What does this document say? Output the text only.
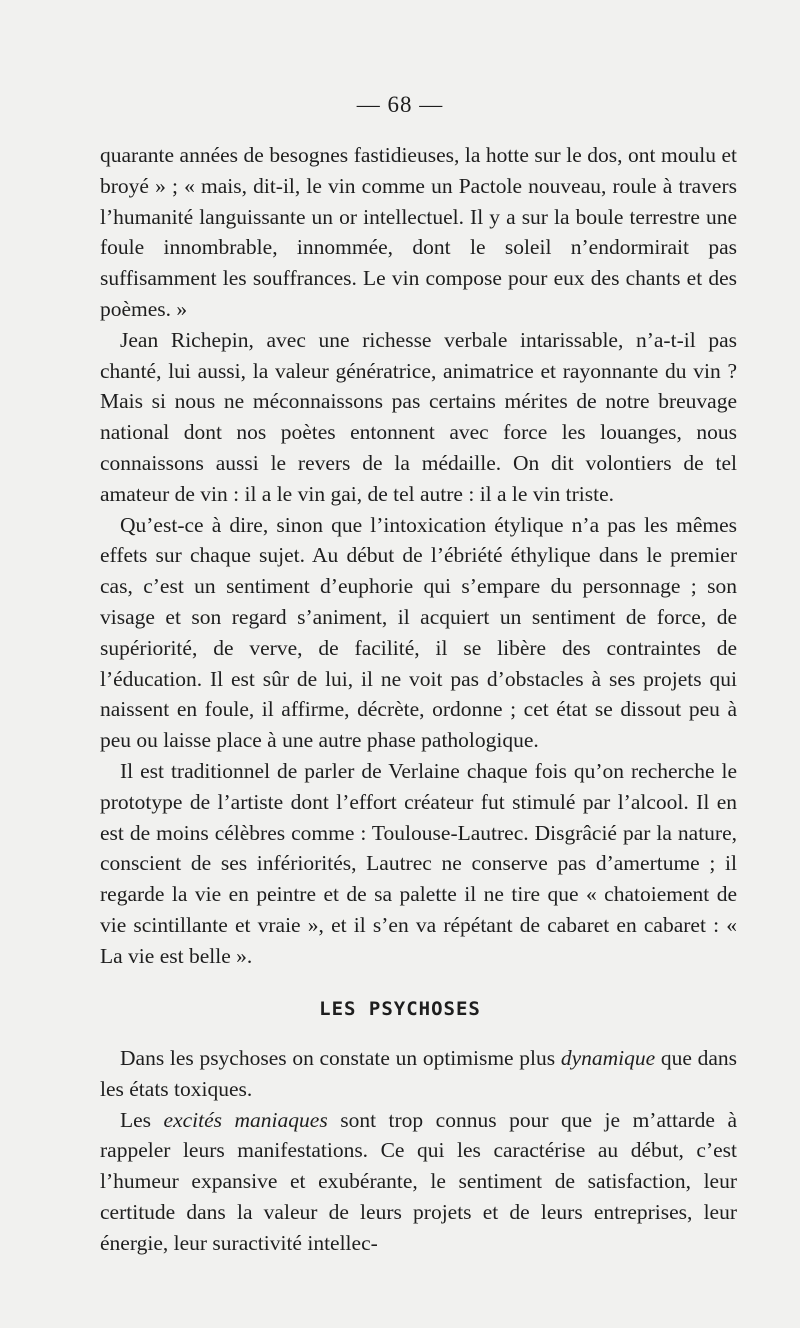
— 68 —

quarante années de besognes fastidieuses, la hotte sur le dos, ont moulu et broyé » ; « mais, dit-il, le vin comme un Pactole nouveau, roule à travers l’humanité languissante un or intellectuel. Il y a sur la boule terrestre une foule innombrable, innommée, dont le soleil n’endormirait pas suffisamment les souffrances. Le vin compose pour eux des chants et des poèmes. »

Jean Richepin, avec une richesse verbale intarissable, n’a-t-il pas chanté, lui aussi, la valeur génératrice, animatrice et rayonnante du vin ? Mais si nous ne méconnaissons pas certains mérites de notre breuvage national dont nos poètes entonnent avec force les louanges, nous connaissons aussi le revers de la médaille. On dit volontiers de tel amateur de vin : il a le vin gai, de tel autre : il a le vin triste.

Qu’est-ce à dire, sinon que l’intoxication étylique n’a pas les mêmes effets sur chaque sujet. Au début de l’ébriété éthylique dans le premier cas, c’est un sentiment d’euphorie qui s’empare du personnage ; son visage et son regard s’animent, il acquiert un sentiment de force, de supériorité, de verve, de facilité, il se libère des contraintes de l’éducation. Il est sûr de lui, il ne voit pas d’obstacles à ses projets qui naissent en foule, il affirme, décrète, ordonne ; cet état se dissout peu à peu ou laisse place à une autre phase pathologique.

Il est traditionnel de parler de Verlaine chaque fois qu’on recherche le prototype de l’artiste dont l’effort créateur fut stimulé par l’alcool. Il en est de moins célèbres comme : Toulouse-Lautrec. Disgrâcié par la nature, conscient de ses infériorités, Lautrec ne conserve pas d’amertume ; il regarde la vie en peintre et de sa palette il ne tire que « chatoiement de vie scintillante et vraie », et il s’en va répétant de cabaret en cabaret : « La vie est belle ».

LES PSYCHOSES

Dans les psychoses on constate un optimisme plus dynamique que dans les états toxiques.

Les excités maniaques sont trop connus pour que je m’attarde à rappeler leurs manifestations. Ce qui les caractérise au début, c’est l’humeur expansive et exubérante, le sentiment de satisfaction, leur certitude dans la valeur de leurs projets et de leurs entreprises, leur énergie, leur suractivité intellec-
